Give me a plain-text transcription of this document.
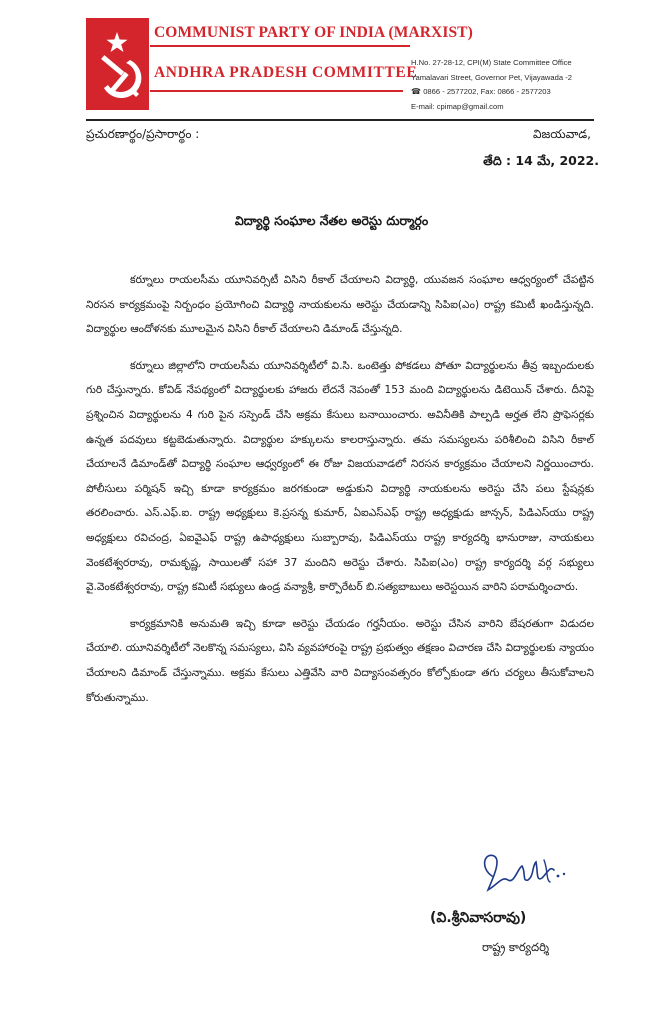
COMMUNIST PARTY OF INDIA (MARXIST)
ANDHRA PRADESH COMMITTEE
H.No. 27-28-12, CPI(M) State Committee Office
Yamalavari Street, Governor Pet, Vijayawada -2
☎ 0866 - 2577202, Fax: 0866 - 2577203
E-mail: cpimap@gmail.com
ప్రచురణార్థం/ప్రసారార్థం :	విజయవాడ,
తేది : 14 మే, 2022.
విద్యార్థి సంఘాల నేతల అరెస్టు దుర్మార్గం

కర్నూలు రాయలసీమ యూనివర్సిటీ విసిని రీకాల్ చేయాలని విద్యార్థి, యువజన సంఘాల ఆధ్వర్యంలో చేపట్టిన నిరసన కార్యక్రమంపై నిర్బంధం ప్రయోగించి విద్యార్థి నాయకులను అరెస్టు చేయడాన్ని సిపిఐ(ఎం) రాష్ట్ర కమిటీ ఖండిస్తున్నది. విద్యార్థుల ఆందోళనకు మూలమైన విసిని రీకాల్ చేయాలని డిమాండ్ చేస్తున్నది.

కర్నూలు జిల్లాలోని రాయలసీమ యూనివర్శిటీలో వి.సి. ఒంటెత్తు పోకడలు పోతూ విద్యార్థులను తీవ్ర ఇబ్బందులకు గురి చేస్తున్నారు. కోవిడ్ నేపథ్యంలో విద్యార్థులకు హాజరు లేదనే నెపంతో 153 మంది విద్యార్థులను డిటెయిన్ చేశారు. దీనిపై ప్రశ్నించిన విద్యార్థులను 4 గురి పైన సస్పెండ్ చేసి అక్రమ కేసులు బనాయించారు. అవినీతికి పాల్పడి అర్హత లేని ప్రొఫెసర్లకు ఉన్నత పదవులు కట్టబెడుతున్నారు. విద్యార్థుల హక్కులను కాలరాస్తున్నారు. తమ సమస్యలను పరిశీలించి విసిని రీకాల్ చేయాలనే డిమాండ్‌తో విద్యార్థి సంఘాల ఆధ్వర్యంలో ఈ రోజు విజయవాడలో నిరసన కార్యక్రమం చేయాలని నిర్ణయించారు. పోలీసులు పర్మిషన్ ఇచ్చి కూడా కార్యక్రమం జరగకుండా అడ్డుకుని విద్యార్థి నాయకులను అరెస్టు చేసి పలు స్టేషన్లకు తరలించారు. ఎస్.ఎఫ్.ఐ. రాష్ట్ర అధ్యక్షులు కె.ప్రసన్న కుమార్, ఏఐఎస్ఎఫ్ రాష్ట్ర అధ్యక్షుడు జాన్సన్, పిడిఎస్‌యు రాష్ట్ర అధ్యక్షులు రవిచంద్ర, ఏఐవైఎఫ్ రాష్ట్ర ఉపాధ్యక్షులు సుబ్బారావు, పిడిఎస్‌యు రాష్ట్ర కార్యదర్శి భానురాజు, నాయకులు వెంకటేశ్వరరావు, రామకృష్ణ, సాయిలతో సహా 37 మందిని అరెస్టు చేశారు. సిపిఐ(ఎం) రాష్ట్ర కార్యదర్శి వర్గ సభ్యులు వై.వెంకటేశ్వరరావు, రాష్ట్ర కమిటీ సభ్యులు ఉండ్ర వన్యాశ్రీ, కార్పొరేటర్ బి.సత్యబాబులు అరెస్టయిన వారిని పరామర్శించారు.

కార్యక్రమానికి అనుమతి ఇచ్చి కూడా అరెస్టు చేయడం గర్హనీయం. అరెస్టు చేసిన వారిని బేషరతుగా విడుదల చేయాలి. యూనివర్శిటీలో నెలకొన్న సమస్యలు, విసి వ్యవహారంపై రాష్ట్ర ప్రభుత్వం తక్షణం విచారణ చేసి విద్యార్థులకు న్యాయం చేయాలని డిమాండ్ చేస్తున్నాము. అక్రమ కేసులు ఎత్తివేసి వారి విద్యాసంవత్సరం కోల్పోకుండా తగు చర్యలు తీసుకోవాలని కోరుతున్నాము.

(వి.శ్రీనివాసరావు)
రాష్ట్ర కార్యదర్శి
